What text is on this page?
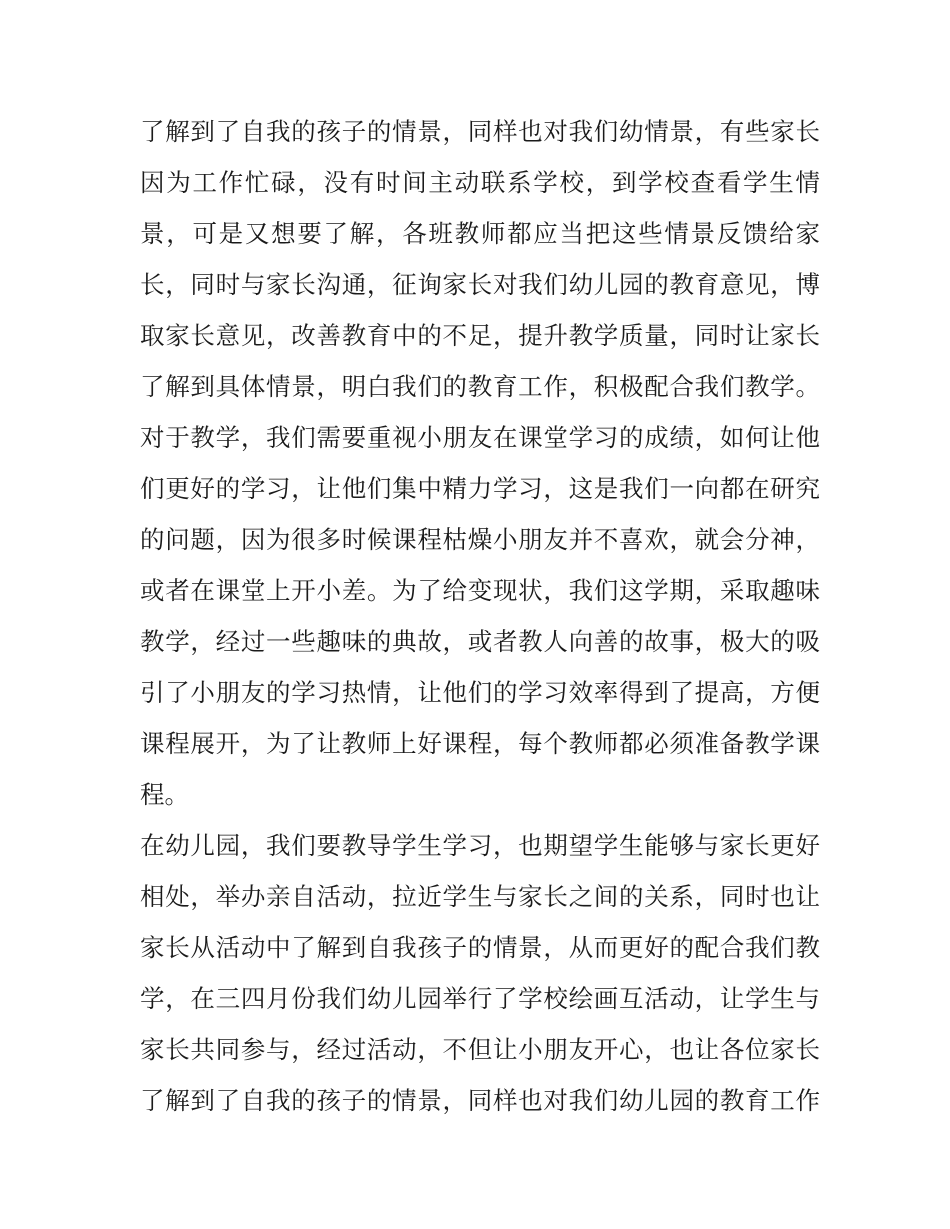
了解到了自我的孩子的情景，同样也对我们幼情景，有些家长
因为工作忙碌，没有时间主动联系学校，到学校查看学生情
景，可是又想要了解，各班教师都应当把这些情景反馈给家
长，同时与家长沟通，征询家长对我们幼儿园的教育意见，博
取家长意见，改善教育中的不足，提升教学质量，同时让家长
了解到具体情景，明白我们的教育工作，积极配合我们教学。
对于教学，我们需要重视小朋友在课堂学习的成绩，如何让他
们更好的学习，让他们集中精力学习，这是我们一向都在研究
的问题，因为很多时候课程枯燥小朋友并不喜欢，就会分神，
或者在课堂上开小差。为了给变现状，我们这学期，采取趣味
教学，经过一些趣味的典故，或者教人向善的故事，极大的吸
引了小朋友的学习热情，让他们的学习效率得到了提高，方便
课程展开，为了让教师上好课程，每个教师都必须准备教学课
程。
在幼儿园，我们要教导学生学习，也期望学生能够与家长更好
相处，举办亲自活动，拉近学生与家长之间的关系，同时也让
家长从活动中了解到自我孩子的情景，从而更好的配合我们教
学，在三四月份我们幼儿园举行了学校绘画互活动，让学生与
家长共同参与，经过活动，不但让小朋友开心，也让各位家长
了解到了自我的孩子的情景，同样也对我们幼儿园的教育工作
